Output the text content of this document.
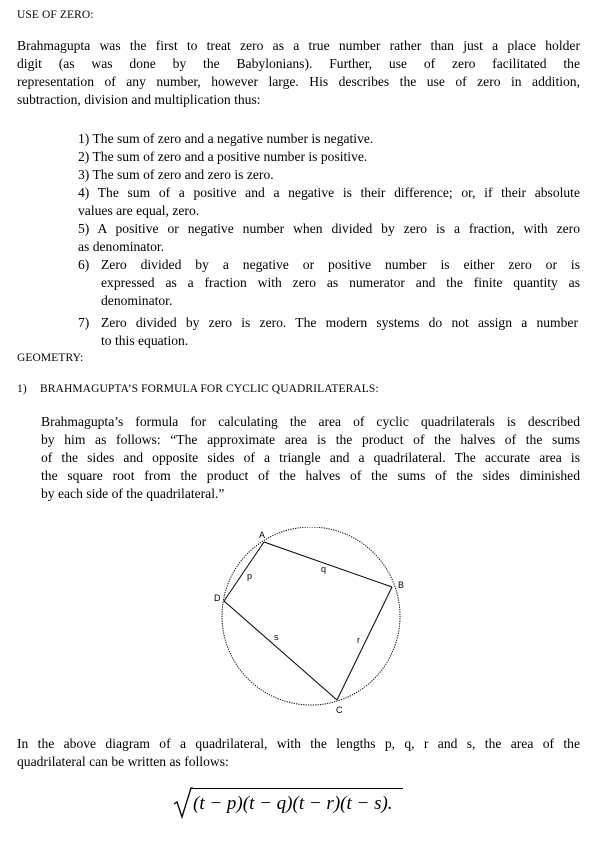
USE OF ZERO:
Brahmagupta was the first to treat zero as a true number rather than just a place holder
digit (as was done by the Babylonians). Further, use of zero facilitated the
representation of any number, however large. His describes the use of zero in addition,
subtraction, division and multiplication thus:
1) The sum of zero and a negative number is negative.
2) The sum of zero and a positive number is positive.
3) The sum of zero and zero is zero.
4) The sum of a positive and a negative is their difference; or, if their absolute
values are equal, zero.
5) A positive or negative number when divided by zero is a fraction, with zero
as denominator.
6) Zero divided by a negative or positive number is either zero or is
expressed as a fraction with zero as numerator and the finite quantity as
denominator.
7) Zero divided by zero is zero. The modern systems do not assign a number
to this equation.
GEOMETRY:
1) BRAHMAGUPTA’S FORMULA FOR CYCLIC QUADRILATERALS:
Brahmagupta’s formula for calculating the area of cyclic quadrilaterals is described
by him as follows: “The approximate area is the product of the halves of the sums
of the sides and opposite sides of a triangle and a quadrilateral. The accurate area is
the square root from the product of the halves of the sums of the sides diminished
by each side of the quadrilateral.”
A
B
C
D
p
q
r
s
In the above diagram of a quadrilateral, with the lengths p, q, r and s, the area of the
quadrilateral can be written as follows:
(t − p)(t − q)(t − r)(t − s).
